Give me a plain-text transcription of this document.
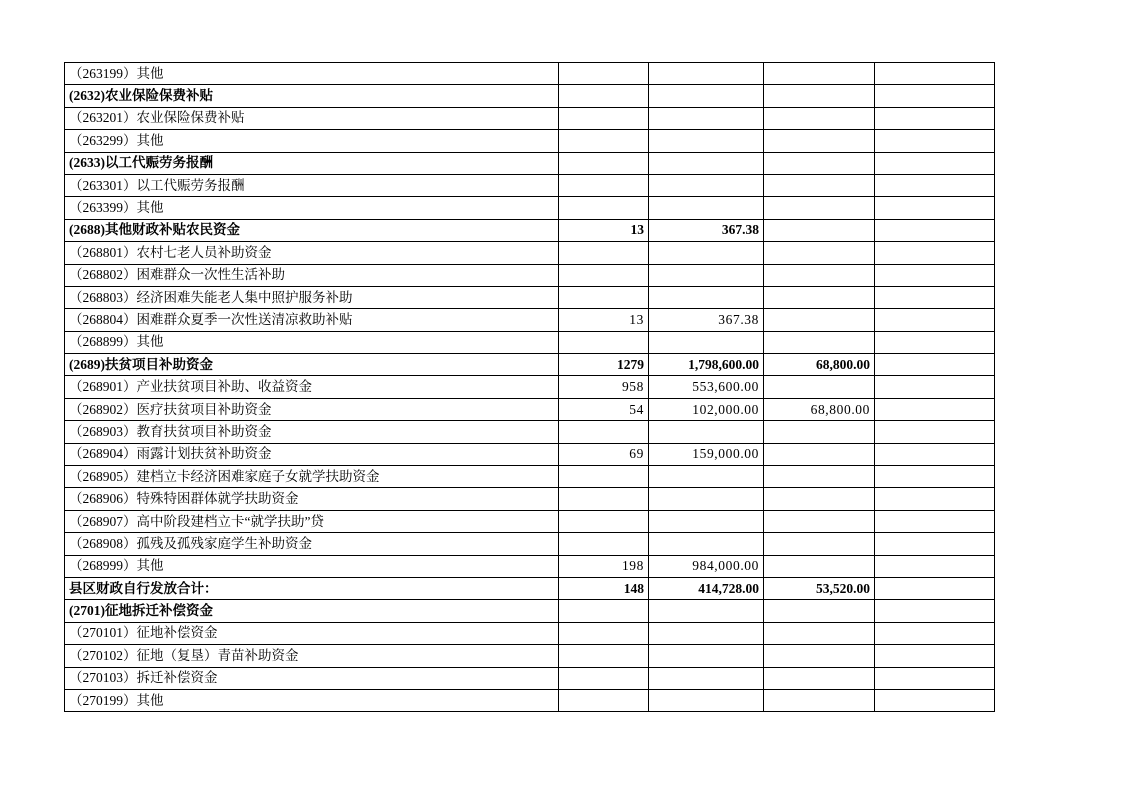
（263199）其他				
(2632)农业保险保费补贴				
（263201）农业保险保费补贴				
（263299）其他				
(2633)以工代赈劳务报酬				
（263301）以工代赈劳务报酬				
（263399）其他				
(2688)其他财政补贴农民资金	13	367.38		
（268801）农村七老人员补助资金				
（268802）困难群众一次性生活补助				
（268803）经济困难失能老人集中照护服务补助				
（268804）困难群众夏季一次性送清凉救助补贴	13	367.38		
（268899）其他				
(2689)扶贫项目补助资金	1279	1,798,600.00	68,800.00	
（268901）产业扶贫项目补助、收益资金	958	553,600.00		
（268902）医疗扶贫项目补助资金	54	102,000.00	68,800.00	
（268903）教育扶贫项目补助资金				
（268904）雨露计划扶贫补助资金	69	159,000.00		
（268905）建档立卡经济困难家庭子女就学扶助资金				
（268906）特殊特困群体就学扶助资金				
（268907）高中阶段建档立卡“就学扶助”贷				
（268908）孤残及孤残家庭学生补助资金				
（268999）其他	198	984,000.00		
县区财政自行发放合计：	148	414,728.00	53,520.00	
(2701)征地拆迁补偿资金				
（270101）征地补偿资金				
（270102）征地（复垦）青苗补助资金				
（270103）拆迁补偿资金				
（270199）其他				
